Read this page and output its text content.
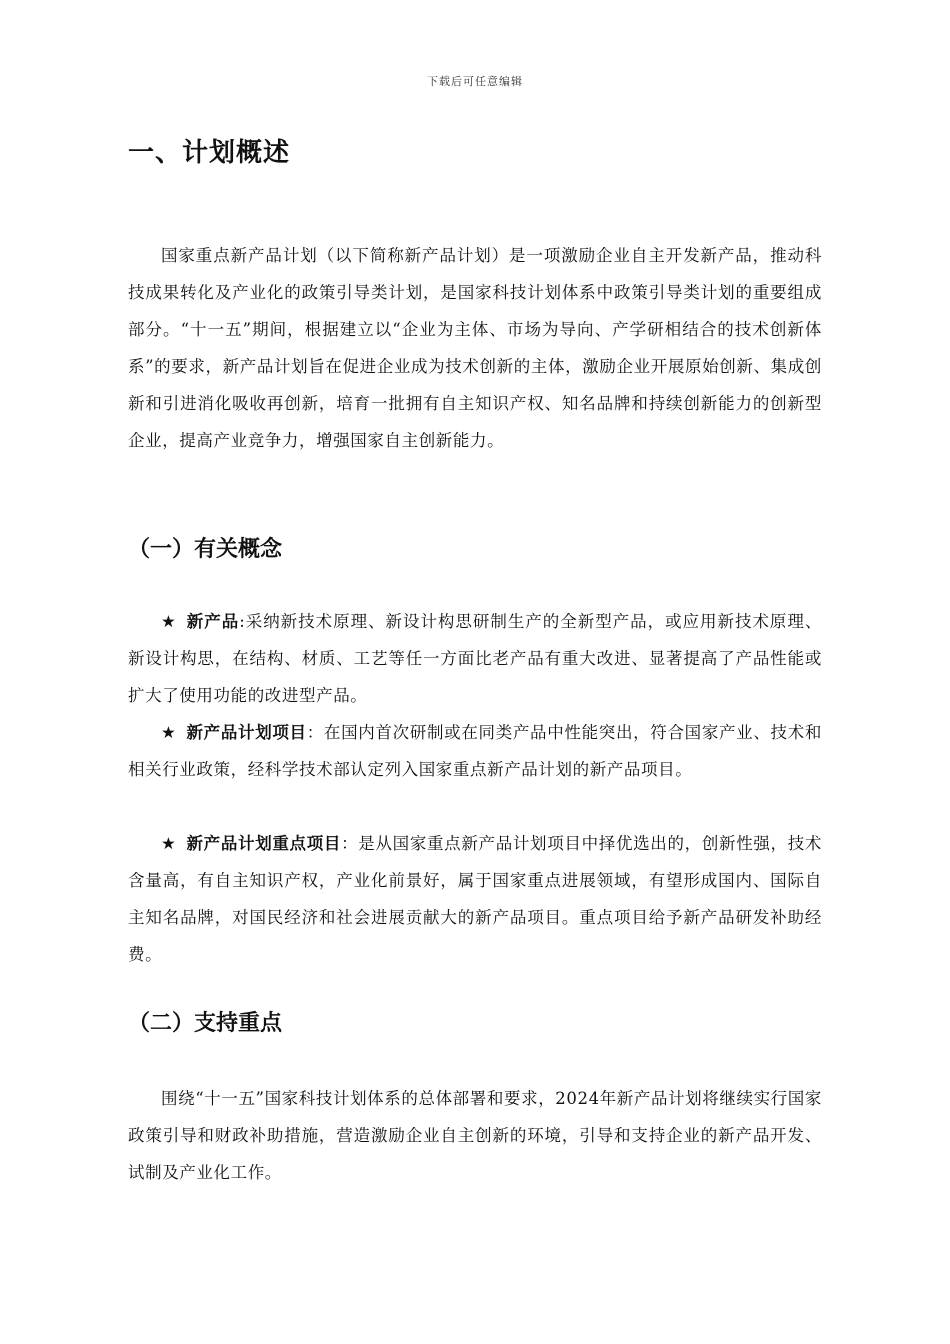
下载后可任意编辑
一、计划概述

国家重点新产品计划（以下简称新产品计划）是一项激励企业自主开发新产品，推动科技成果转化及产业化的政策引导类计划，是国家科技计划体系中政策引导类计划的重要组成部分。“十一五”期间，根据建立以“企业为主体、市场为导向、产学研相结合的技术创新体系”的要求，新产品计划旨在促进企业成为技术创新的主体，激励企业开展原始创新、集成创新和引进消化吸收再创新，培育一批拥有自主知识产权、知名品牌和持续创新能力的创新型企业，提高产业竞争力，增强国家自主创新能力。

（一）有关概念

★ 新产品:采纳新技术原理、新设计构思研制生产的全新型产品，或应用新技术原理、新设计构思，在结构、材质、工艺等任一方面比老产品有重大改进、显著提高了产品性能或扩大了使用功能的改进型产品。

★ 新产品计划项目：在国内首次研制或在同类产品中性能突出，符合国家产业、技术和相关行业政策，经科学技术部认定列入国家重点新产品计划的新产品项目。

★ 新产品计划重点项目：是从国家重点新产品计划项目中择优选出的，创新性强，技术含量高，有自主知识产权，产业化前景好，属于国家重点进展领域，有望形成国内、国际自主知名品牌，对国民经济和社会进展贡献大的新产品项目。重点项目给予新产品研发补助经费。

（二）支持重点

围绕“十一五”国家科技计划体系的总体部署和要求，2024年新产品计划将继续实行国家政策引导和财政补助措施，营造激励企业自主创新的环境，引导和支持企业的新产品开发、试制及产业化工作。
